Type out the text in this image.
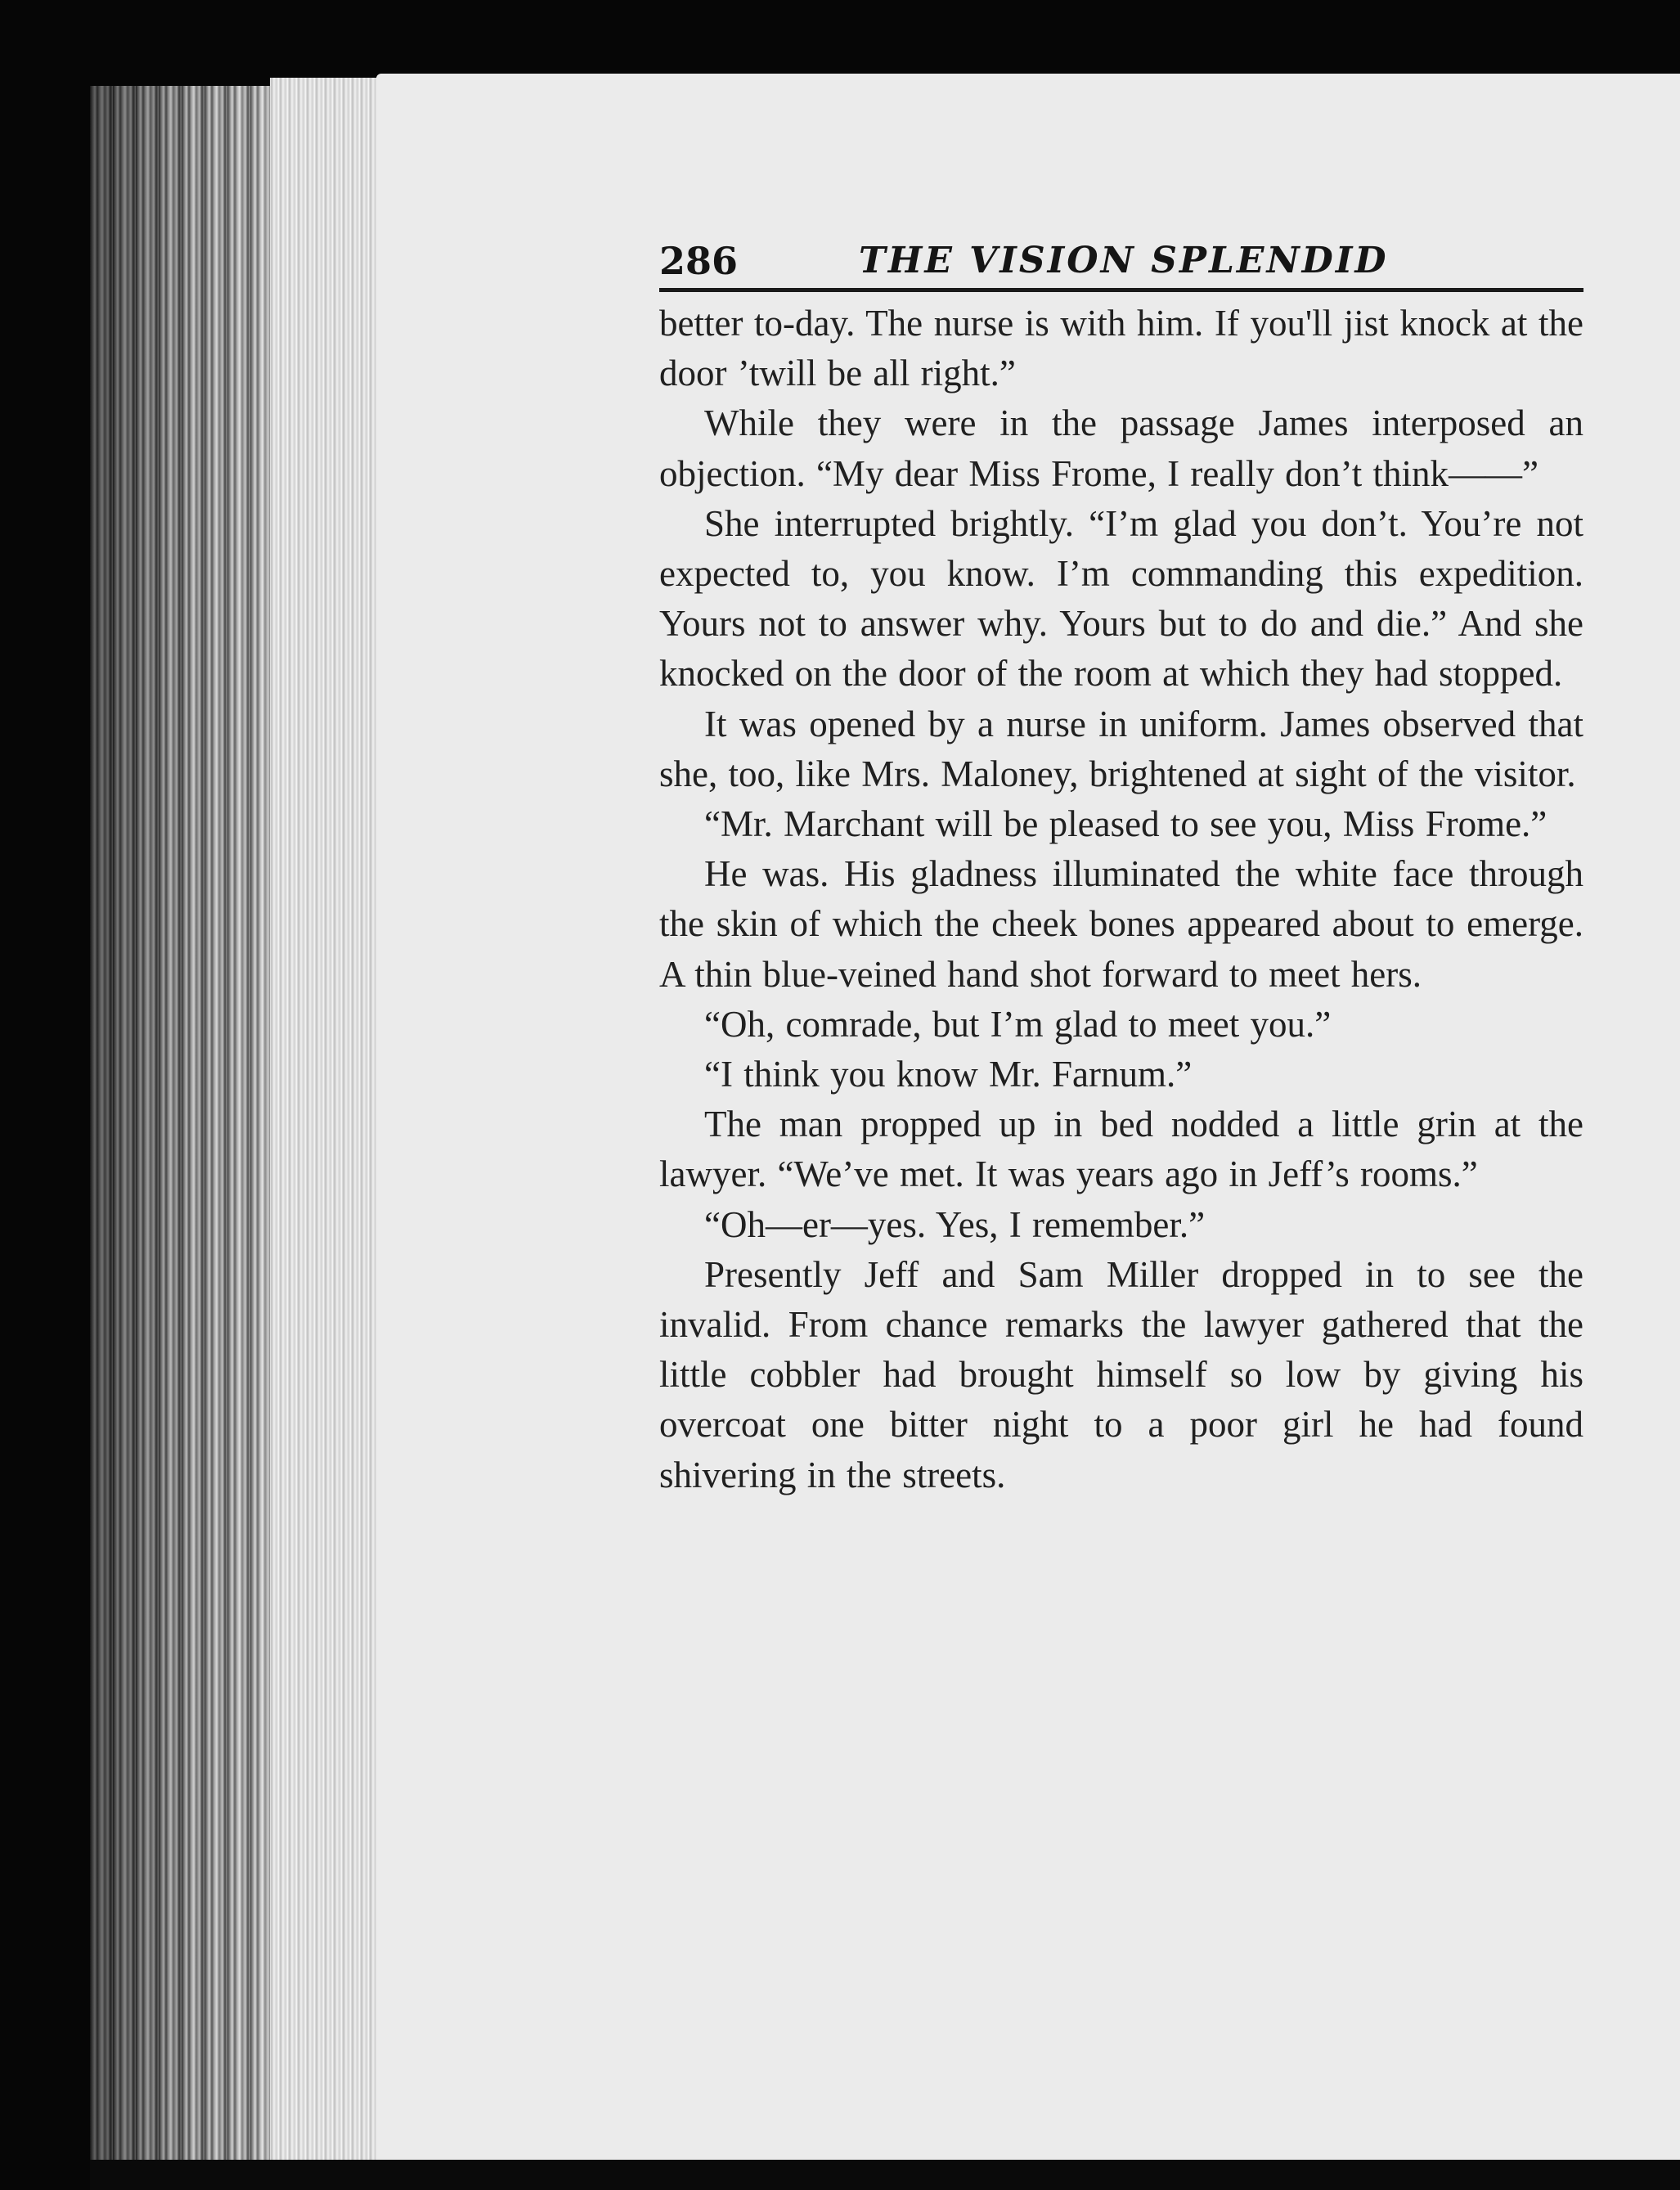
286	THE VISION SPLENDID

better to-day. The nurse is with him. If you'll jist knock at the door ’twill be all right.”

While they were in the passage James interposed an objection. “My dear Miss Frome, I really don’t think——”

She interrupted brightly. “I’m glad you don’t. You’re not expected to, you know. I’m commanding this expedition. Yours not to answer why. Yours but to do and die.” And she knocked on the door of the room at which they had stopped.

It was opened by a nurse in uniform. James observed that she, too, like Mrs. Maloney, brightened at sight of the visitor.

“Mr. Marchant will be pleased to see you, Miss Frome.”

He was. His gladness illuminated the white face through the skin of which the cheek bones appeared about to emerge. A thin blue-veined hand shot forward to meet hers.

“Oh, comrade, but I’m glad to meet you.”

“I think you know Mr. Farnum.”

The man propped up in bed nodded a little grin at the lawyer. “We’ve met. It was years ago in Jeff’s rooms.”

“Oh—er—yes. Yes, I remember.”

Presently Jeff and Sam Miller dropped in to see the invalid. From chance remarks the lawyer gathered that the little cobbler had brought himself so low by giving his overcoat one bitter night to a poor girl he had found shivering in the streets.
